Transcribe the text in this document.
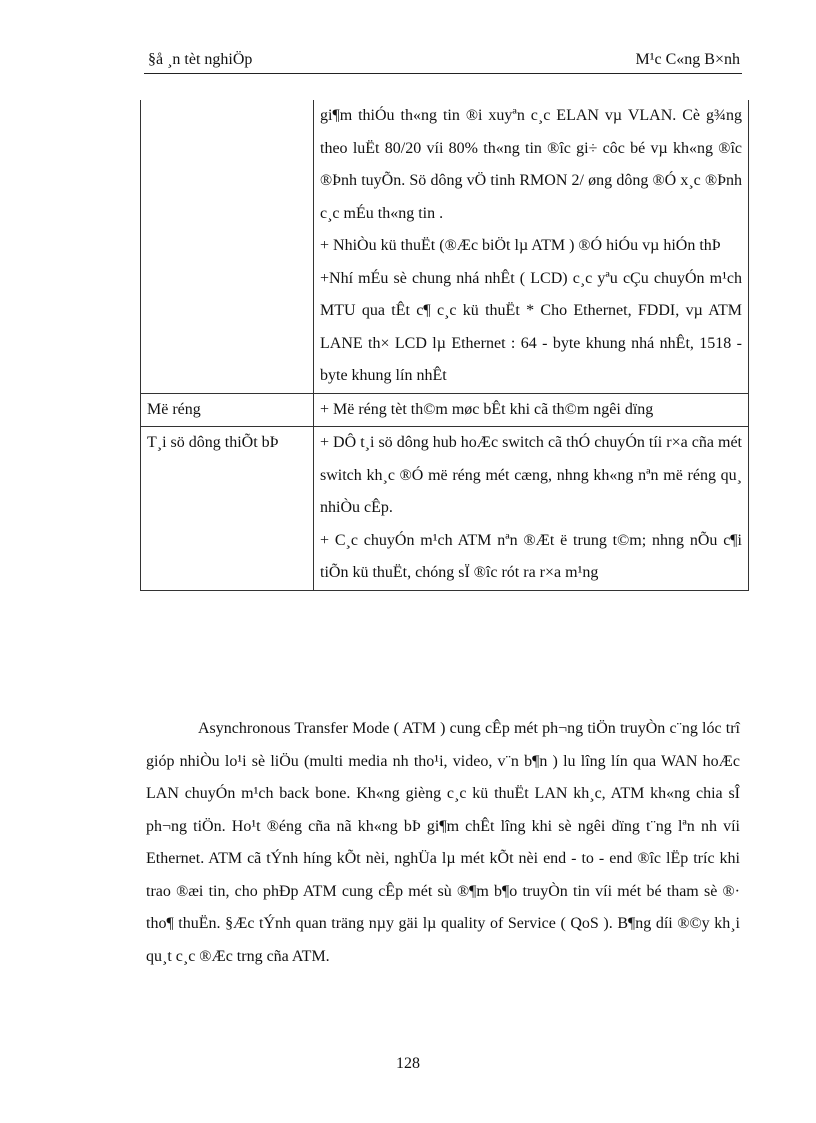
§å ¸n tèt nghiÖp	M¹c C«ng B×nh

	gi¶m thiÓu th«ng tin ®i xuyªn c¸c ELAN vµ VLAN. Cè g¾ng theo luËt 80/20 víi 80% th«ng tin ®îc gi÷ côc bé vµ kh«ng ®îc ®Þnh tuyÕn. Sö dông vÖ tinh RMON 2/ øng dông ®Ó x¸c ®Þnh c¸c mÉu th«ng tin .
+ NhiÒu kü thuËt (®Æc biÖt lµ ATM ) ®Ó hiÓu vµ hiÓn thÞ
+Nhí mÉu sè chung nhá nhÊt ( LCD) c¸c yªu cÇu chuyÓn m¹ch MTU qua tÊt c¶ c¸c kü thuËt * Cho Ethernet, FDDI, vµ ATM LANE th× LCD lµ Ethernet : 64 - byte khung nhá nhÊt, 1518 - byte khung lín nhÊt

Më réng	+ Më réng tèt th©m møc bÊt khi cã th©m ngêi dïng

T¸i sö dông thiÕt bÞ	+ DÔ t¸i sö dông hub hoÆc switch cã thÓ chuyÓn tíi r×a cña mét switch kh¸c ®Ó më réng mét cæng, nhng kh«ng nªn më réng qu¸ nhiÒu cÊp.
+ C¸c chuyÓn m¹ch ATM nªn ®Æt ë trung t©m; nhng nÕu c¶i tiÕn kü thuËt, chóng sÏ ®îc rót ra r×a m¹ng

Asynchronous Transfer Mode ( ATM ) cung cÊp mét ph¬ng tiÖn truyÒn c¨ng lóc trî gióp nhiÒu lo¹i sè liÖu (multi media nh tho¹i, video, v¨n b¶n ) lu lîng lín qua WAN hoÆc LAN chuyÓn m¹ch back bone. Kh«ng gièng c¸c kü thuËt LAN kh¸c, ATM kh«ng chia sÎ ph¬ng tiÖn. Ho¹t ®éng cña nã kh«ng bÞ gi¶m chÊt lîng khi sè ngêi dïng t¨ng lªn nh víi Ethernet. ATM cã tÝnh híng kÕt nèi, nghÜa lµ mét kÕt nèi end - to - end ®îc lËp tríc khi trao ®æi tin, cho phÐp ATM cung cÊp mét sù ®¶m b¶o truyÒn tin víi mét bé tham sè ®· tho¶ thuËn. §Æc tÝnh quan träng nµy gäi lµ quality of Service ( QoS ). B¶ng díi ®©y kh¸i qu¸t c¸c ®Æc trng cña ATM.

128
